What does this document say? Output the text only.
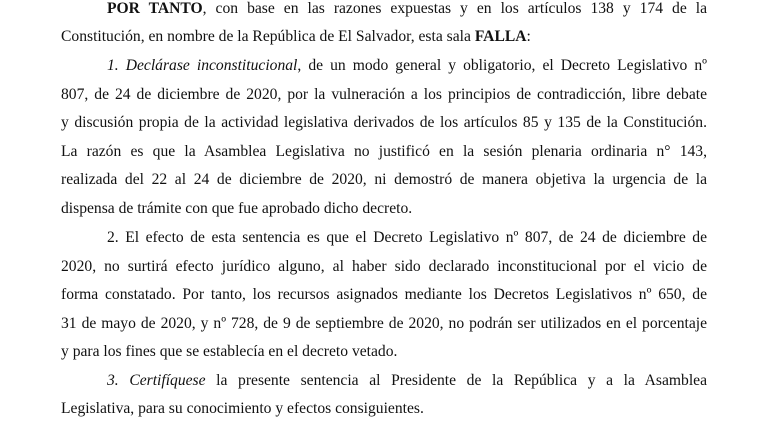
POR TANTO, con base en las razones expuestas y en los artículos 138 y 174 de la
Constitución, en nombre de la República de El Salvador, esta sala FALLA:
1. Declárase inconstitucional, de un modo general y obligatorio, el Decreto Legislativo nº
807, de 24 de diciembre de 2020, por la vulneración a los principios de contradicción, libre debate
y discusión propia de la actividad legislativa derivados de los artículos 85 y 135 de la Constitución.
La razón es que la Asamblea Legislativa no justificó en la sesión plenaria ordinaria n° 143,
realizada del 22 al 24 de diciembre de 2020, ni demostró de manera objetiva la urgencia de la
dispensa de trámite con que fue aprobado dicho decreto.
2. El efecto de esta sentencia es que el Decreto Legislativo nº 807, de 24 de diciembre de
2020, no surtirá efecto jurídico alguno, al haber sido declarado inconstitucional por el vicio de
forma constatado. Por tanto, los recursos asignados mediante los Decretos Legislativos nº 650, de
31 de mayo de 2020, y nº 728, de 9 de septiembre de 2020, no podrán ser utilizados en el porcentaje
y para los fines que se establecía en el decreto vetado.
3. Certifíquese la presente sentencia al Presidente de la República y a la Asamblea
Legislativa, para su conocimiento y efectos consiguientes.
